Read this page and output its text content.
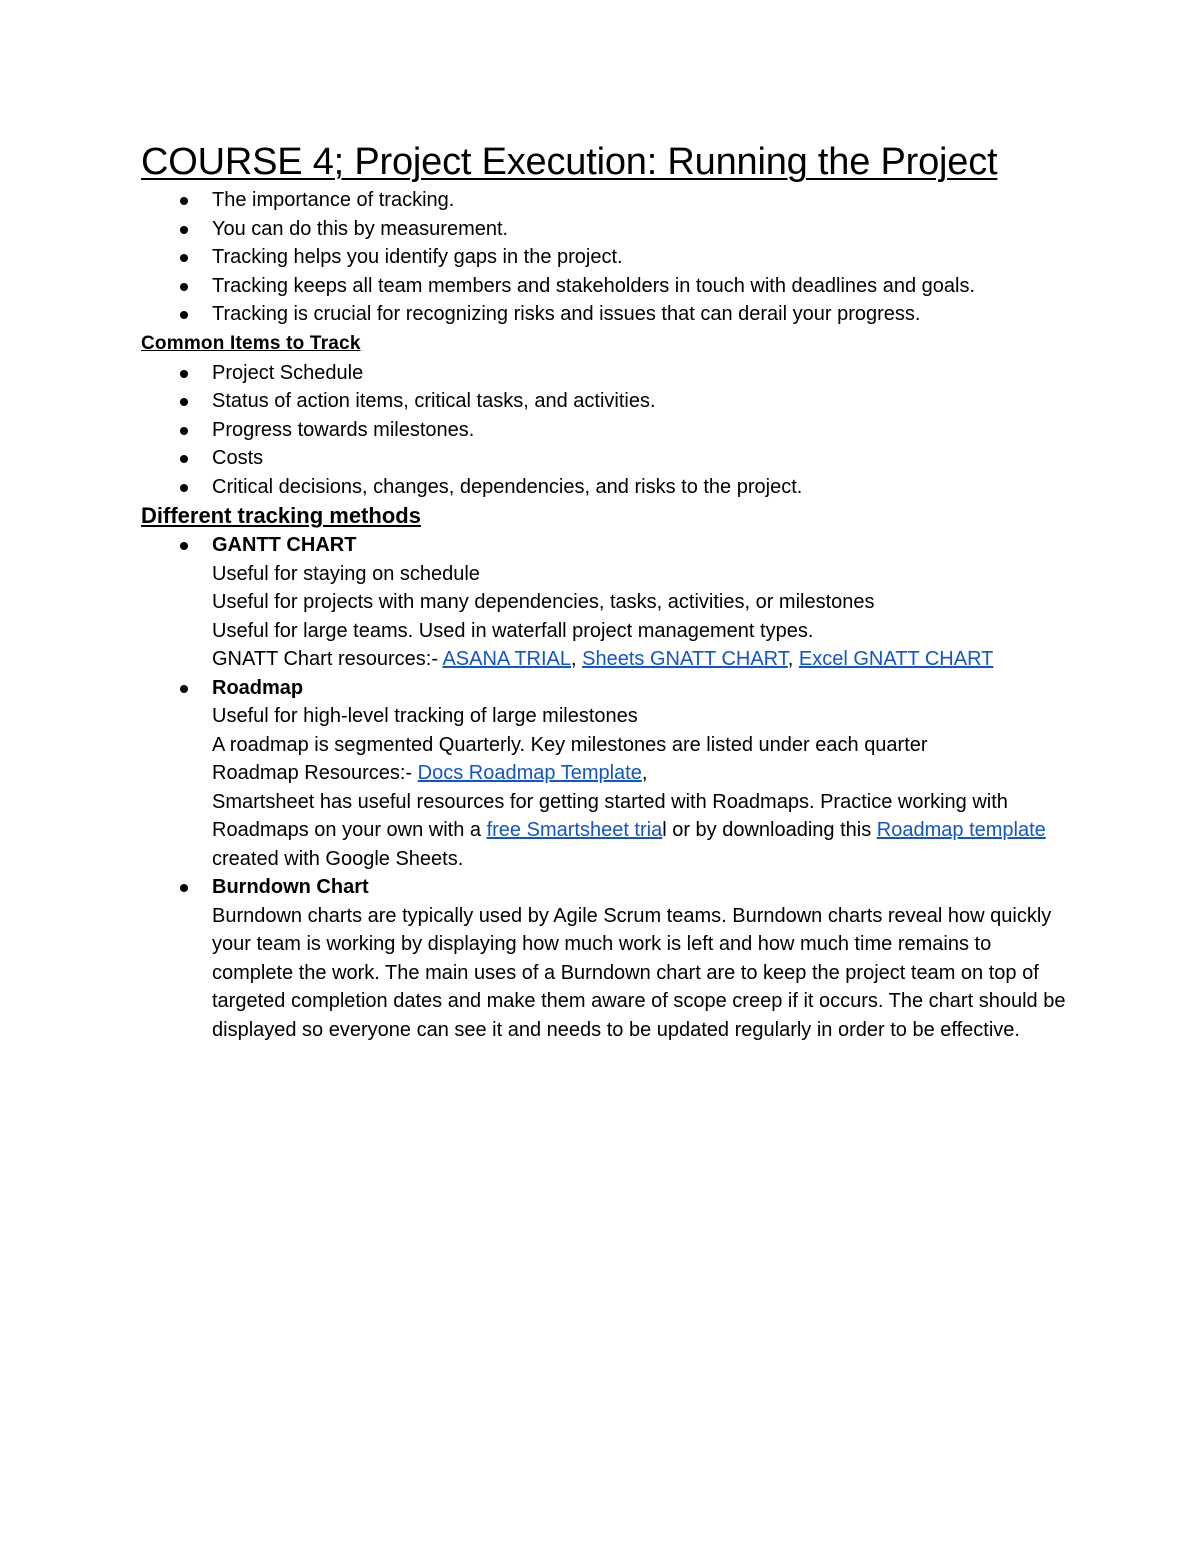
COURSE 4; Project Execution: Running the Project
The importance of tracking.
You can do this by measurement.
Tracking helps you identify gaps in the project.
Tracking keeps all team members and stakeholders in touch with deadlines and goals.
Tracking is crucial for recognizing risks and issues that can derail your progress.
Common Items to Track
Project Schedule
Status of action items, critical tasks, and activities.
Progress towards milestones.
Costs
Critical decisions, changes, dependencies, and risks to the project.
Different tracking methods
GANTT CHART
Useful for staying on schedule
Useful for projects with many dependencies, tasks, activities, or milestones
Useful for large teams. Used in waterfall project management types.
GNATT Chart resources:- ASANA TRIAL, Sheets GNATT CHART, Excel GNATT CHART
Roadmap
Useful for high-level tracking of large milestones
A roadmap is segmented Quarterly. Key milestones are listed under each quarter
Roadmap Resources:- Docs Roadmap Template,
Smartsheet has useful resources for getting started with Roadmaps. Practice working with Roadmaps on your own with a free Smartsheet trial or by downloading this Roadmap template created with Google Sheets.
Burndown Chart
Burndown charts are typically used by Agile Scrum teams. Burndown charts reveal how quickly your team is working by displaying how much work is left and how much time remains to complete the work. The main uses of a Burndown chart are to keep the project team on top of targeted completion dates and make them aware of scope creep if it occurs. The chart should be displayed so everyone can see it and needs to be updated regularly in order to be effective.
